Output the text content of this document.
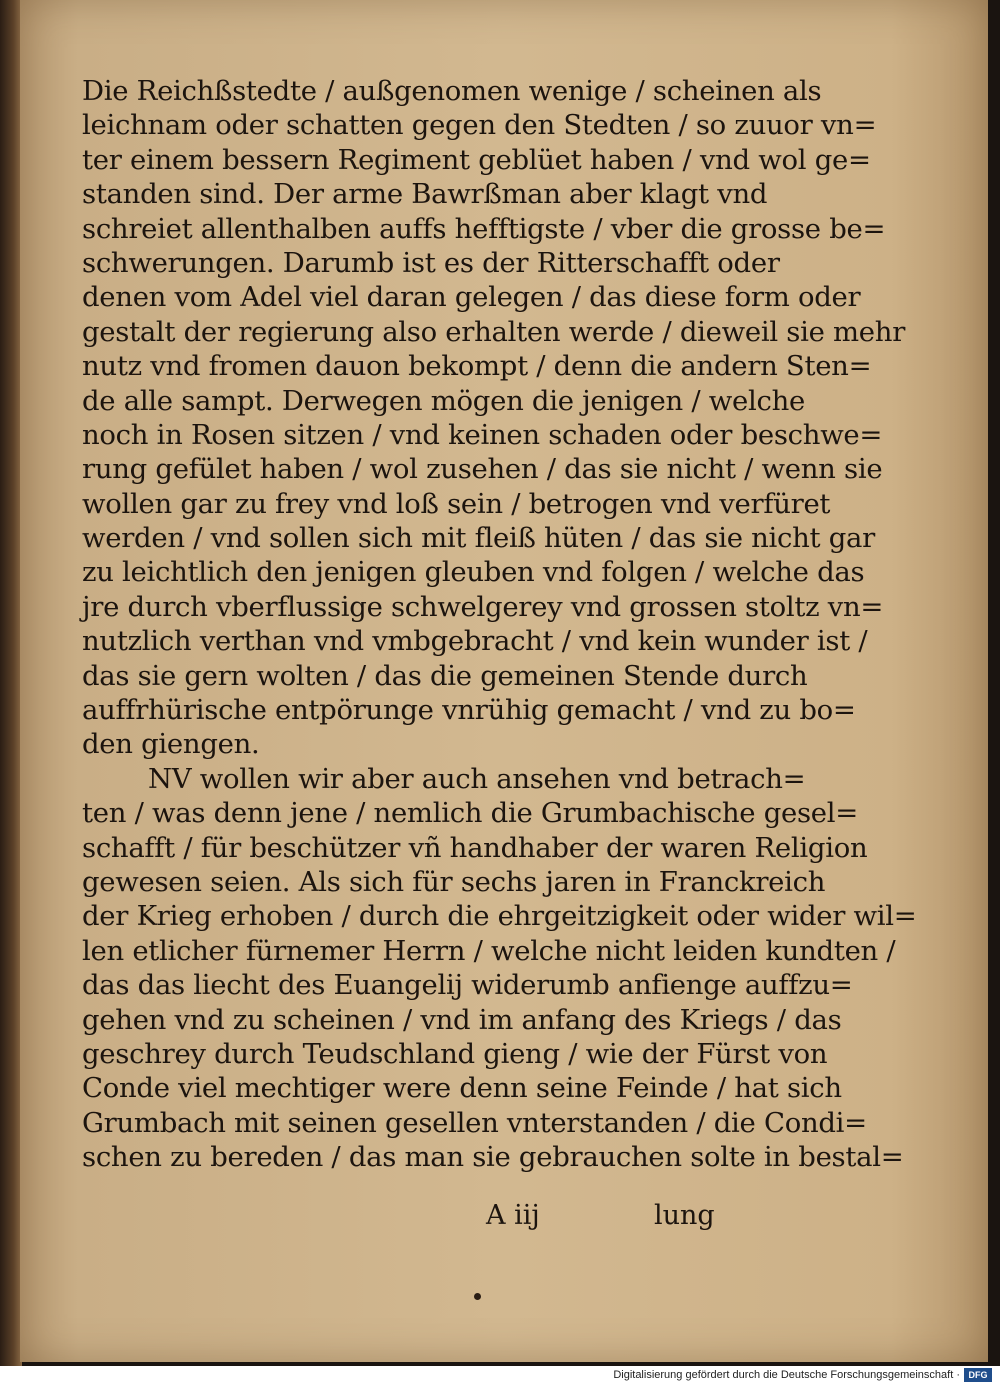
Die Reichßstedte / außgenomen wenige / scheinen als
leichnam oder schatten gegen den Stedten / so zuuor vn=
ter einem bessern Regiment geblüet haben / vnd wol ge=
standen sind. Der arme Bawrßman aber klagt vnd
schreiet allenthalben auffs hefftigste / vber die grosse be=
schwerungen. Darumb ist es der Ritterschafft oder
denen vom Adel viel daran gelegen / das diese form oder
gestalt der regierung also erhalten werde / dieweil sie mehr
nutz vnd fromen dauon bekompt / denn die andern Sten=
de alle sampt. Derwegen mögen die jenigen / welche
noch in Rosen sitzen / vnd keinen schaden oder beschwe=
rung gefület haben / wol zusehen / das sie nicht / wenn sie
wollen gar zu frey vnd loß sein / betrogen vnd verfüret
werden / vnd sollen sich mit fleiß hüten / das sie nicht gar
zu leichtlich den jenigen gleuben vnd folgen / welche das
jre durch vberflussige schwelgerey vnd grossen stoltz vn=
nutzlich verthan vnd vmbgebracht / vnd kein wunder ist /
das sie gern wolten / das die gemeinen Stende durch
auffrhürische entpörunge vnrühig gemacht / vnd zu bo=
den giengen.
NV wollen wir aber auch ansehen vnd betrach=
ten / was denn jene / nemlich die Grumbachische gesel=
schafft / für beschützer vñ handhaber der waren Religion
gewesen seien. Als sich für sechs jaren in Franckreich
der Krieg erhoben / durch die ehrgeitzigkeit oder wider wil=
len etlicher fürnemer Herrn / welche nicht leiden kundten /
das das liecht des Euangelij widerumb anfienge auffzu=
gehen vnd zu scheinen / vnd im anfang des Kriegs / das
geschrey durch Teudschland gieng / wie der Fürst von
Conde viel mechtiger were denn seine Feinde / hat sich
Grumbach mit seinen gesellen vnterstanden / die Condi=
schen zu bereden / das man sie gebrauchen solte in bestal=
A iij	lung
Digitalisierung gefördert durch die Deutsche Forschungsgemeinschaft · DFG
